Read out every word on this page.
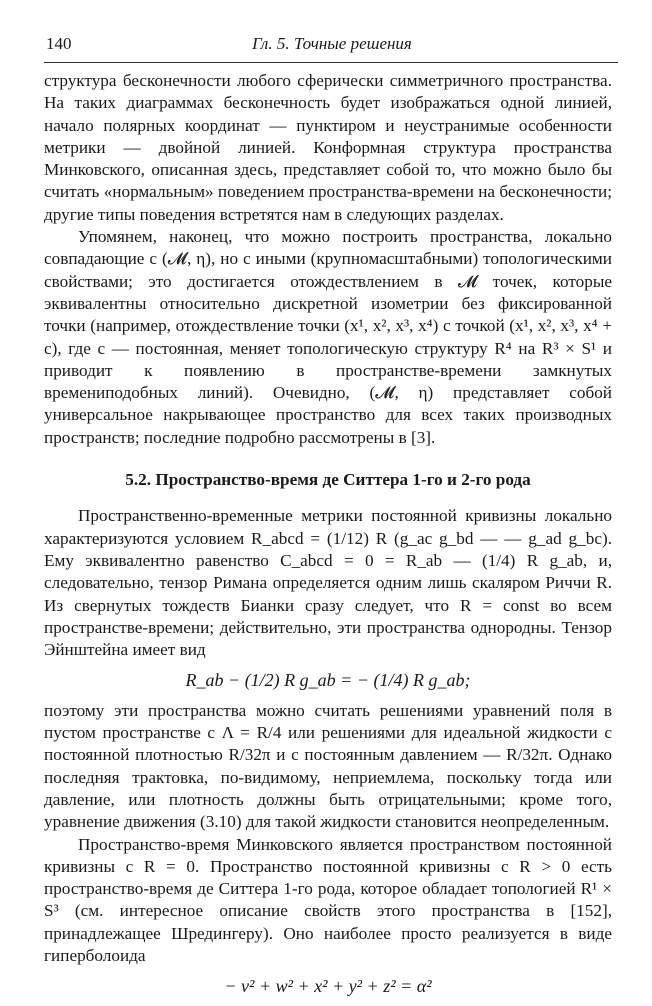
140	Гл. 5. Точные решения

структура бесконечности любого сферически симметричного пространства. На таких диаграммах бесконечность будет изображаться одной линией, начало полярных координат — пунктиром и неустранимые особенности метрики — двойной линией. Конформная структура пространства Минковского, описанная здесь, представляет собой то, что можно было бы считать «нормальным» поведением пространства-времени на бесконечности; другие типы поведения встретятся нам в следующих разделах.

Упомянем, наконец, что можно построить пространства, локально совпадающие с (𝓜, η), но с иными (крупномасштабными) топологическими свойствами; это достигается отождествлением в 𝓜 точек, которые эквивалентны относительно дискретной изометрии без фиксированной точки (например, отождествление точки (x¹, x², x³, x⁴) с точкой (x¹, x², x³, x⁴ + c), где c — постоянная, меняет топологическую структуру R⁴ на R³ × S¹ и приводит к появлению в пространстве-времени замкнутых времениподобных линий). Очевидно, (𝓜, η) представляет собой универсальное накрывающее пространство для всех таких производных пространств; последние подробно рассмотрены в [3].

5.2. Пространство-время де Ситтера 1-го и 2-го рода

Пространственно-временные метрики постоянной кривизны локально характеризуются условием R_abcd = (1/12) R (g_ac g_bd — — g_ad g_bc). Ему эквивалентно равенство C_abcd = 0 = R_ab — (1/4) R g_ab, и, следовательно, тензор Римана определяется одним лишь скаляром Риччи R. Из свернутых тождеств Бианки сразу следует, что R = const во всем пространстве-времени; действительно, эти пространства однородны. Тензор Эйнштейна имеет вид

R_ab − (1/2) R g_ab = − (1/4) R g_ab;

поэтому эти пространства можно считать решениями уравнений поля в пустом пространстве с Λ = R/4 или решениями для идеальной жидкости с постоянной плотностью R/32π и с постоянным давлением — R/32π. Однако последняя трактовка, по-видимому, неприемлема, поскольку тогда или давление, или плотность должны быть отрицательными; кроме того, уравнение движения (3.10) для такой жидкости становится неопределенным.

Пространство-время Минковского является пространством постоянной кривизны с R = 0. Пространство постоянной кривизны с R > 0 есть пространство-время де Ситтера 1-го рода, которое обладает топологией R¹ × S³ (см. интересное описание свойств этого пространства в [152], принадлежащее Шредингеру). Оно наиболее просто реализуется в виде гиперболоида

− v² + w² + x² + y² + z² = α²
